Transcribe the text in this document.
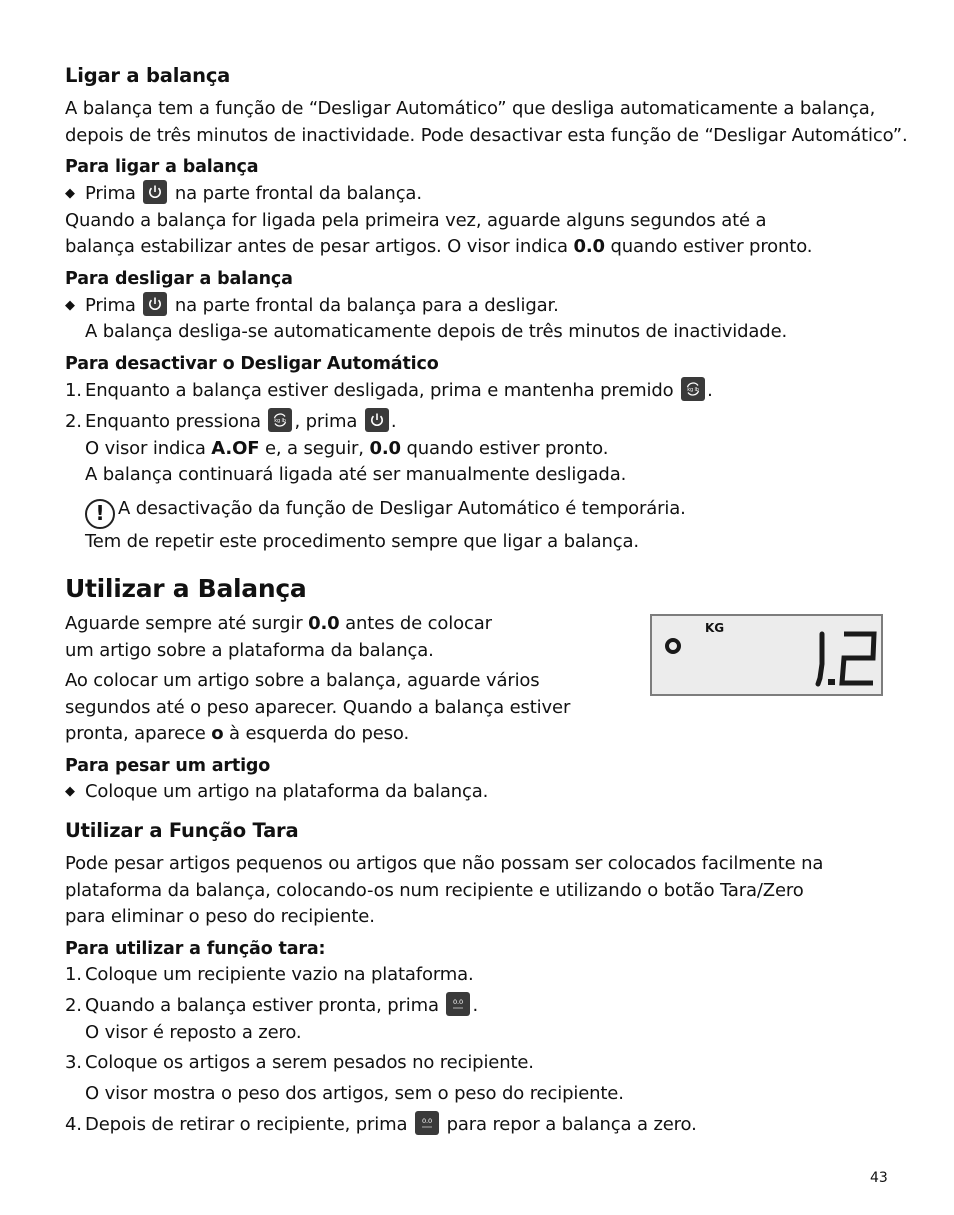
Ligar a balança
A balança tem a função de “Desligar Automático” que desliga automaticamente a balança,
depois de três minutos de inactividade. Pode desactivar esta função de “Desligar Automático”.
Para ligar a balança
◆ Prima na parte frontal da balança.
Quando a balança for ligada pela primeira vez, aguarde alguns segundos até a
balança estabilizar antes de pesar artigos. O visor indica 0.0 quando estiver pronto.
Para desligar a balança
◆ Prima na parte frontal da balança para a desligar.
A balança desliga-se automaticamente depois de três minutos de inactividade.
Para desactivar o Desligar Automático
1. Enquanto a balança estiver desligada, prima e mantenha premido	kg lb .
2. Enquanto pressiona	kg lb , prima .
O visor indica A.OF e, a seguir, 0.0 quando estiver pronto.
A balança continuará ligada até ser manualmente desligada.
! A desactivação da função de Desligar Automático é temporária.
Tem de repetir este procedimento sempre que ligar a balança.
Utilizar a Balança
Aguarde sempre até surgir 0.0 antes de colocar
um artigo sobre a plataforma da balança.
Ao colocar um artigo sobre a balança, aguarde vários
segundos até o peso aparecer. Quando a balança estiver
pronta, aparece o à esquerda do peso.
Para pesar um artigo
◆ Coloque um artigo na plataforma da balança.
Utilizar a Função Tara
Pode pesar artigos pequenos ou artigos que não possam ser colocados facilmente na
plataforma da balança, colocando-os num recipiente e utilizando o botão Tara/Zero
para eliminar o peso do recipiente.
Para utilizar a função tara:
1. Coloque um recipiente vazio na plataforma.
2. Quando a balança estiver pronta, prima 0.0 .
O visor é reposto a zero.
3. Coloque os artigos a serem pesados no recipiente.
O visor mostra o peso dos artigos, sem o peso do recipiente.
4. Depois de retirar o recipiente, prima 0.0 para repor a balança a zero.
KG
43
